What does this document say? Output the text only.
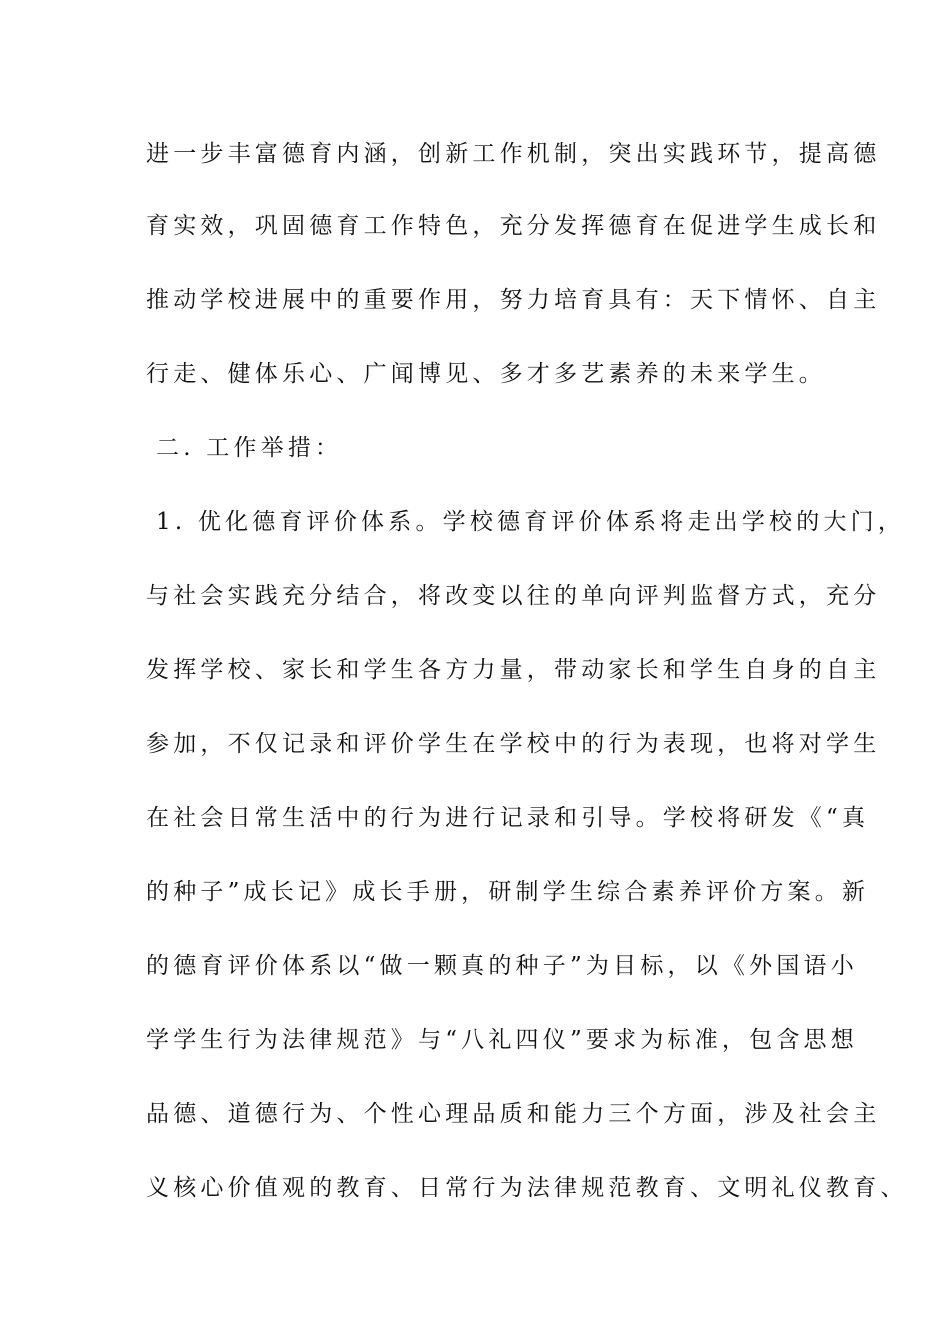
进一步丰富德育内涵，创新工作机制，突出实践环节，提高德
育实效，巩固德育工作特色，充分发挥德育在促进学生成长和
推动学校进展中的重要作用，努力培育具有：天下情怀、自主
行走、健体乐心、广闻博见、多才多艺素养的未来学生。
二. 工作举措：
1. 优化德育评价体系。学校德育评价体系将走出学校的大门，
与社会实践充分结合，将改变以往的单向评判监督方式，充分
发挥学校、家长和学生各方力量，带动家长和学生自身的自主
参加，不仅记录和评价学生在学校中的行为表现，也将对学生
在社会日常生活中的行为进行记录和引导。学校将研发《“真
的种子”成长记》成长手册，研制学生综合素养评价方案。新
的德育评价体系以“做一颗真的种子”为目标，以《外国语小
学学生行为法律规范》与“八礼四仪”要求为标准，包含思想
品德、道德行为、个性心理品质和能力三个方面，涉及社会主
义核心价值观的教育、日常行为法律规范教育、文明礼仪教育、
